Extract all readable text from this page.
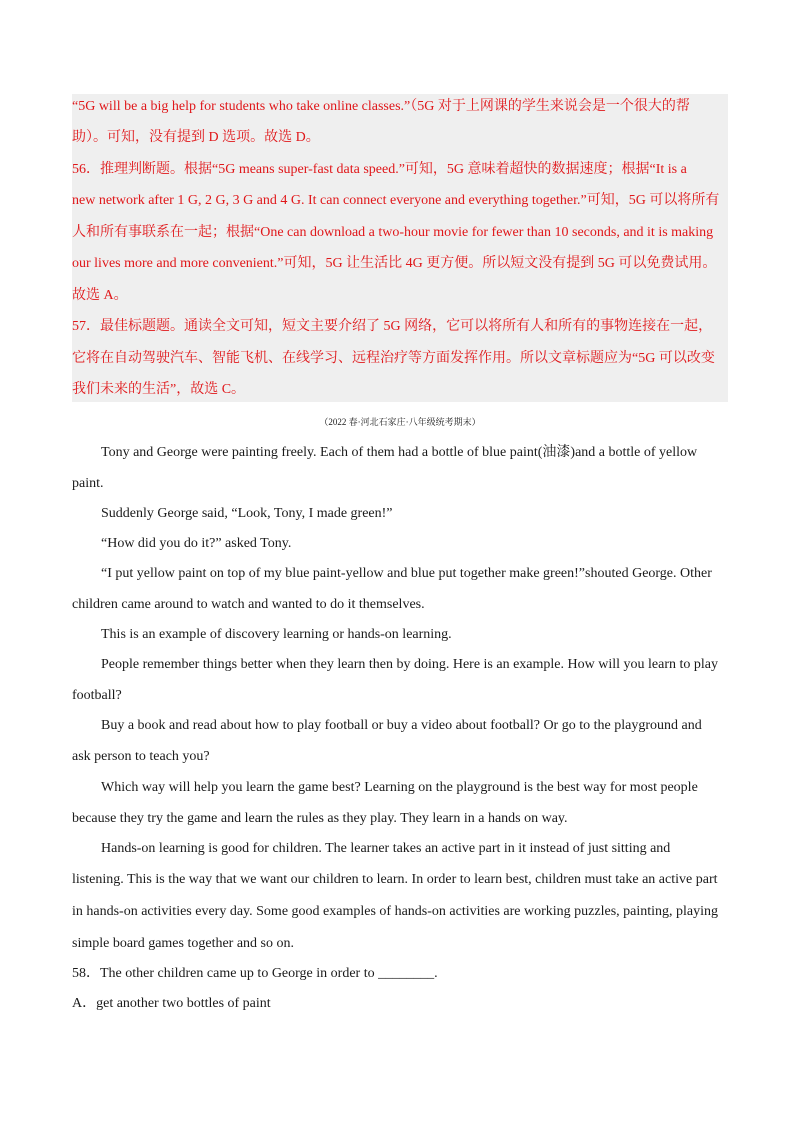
“5G will be a big help for students who take online classes.”（5G 对于上网课的学生来说会是一个很大的帮
助）。可知，没有提到 D 选项。故选 D。
56．推理判断题。根据“5G means super-fast data speed.”可知，5G 意味着超快的数据速度；根据“It is a
new network after 1 G, 2 G, 3 G and 4 G. It can connect everyone and everything together.”可知，5G 可以将所有
人和所有事联系在一起；根据“One can download a two-hour movie for fewer than 10 seconds, and it is making
our lives more and more convenient.”可知，5G 让生活比 4G 更方便。所以短文没有提到 5G 可以免费试用。
故选 A。
57．最佳标题题。通读全文可知，短文主要介绍了 5G 网络，它可以将所有人和所有的事物连接在一起，
它将在自动驾驶汽车、智能飞机、在线学习、远程治疗等方面发挥作用。所以文章标题应为“5G 可以改变
我们未来的生活”，故选 C。
（2022 春·河北石家庄·八年级统考期末）
Tony and George were painting freely. Each of them had a bottle of blue paint(油漆)and a bottle of yellow
paint.
Suddenly George said, “Look, Tony, I made green!”
“How did you do it?” asked Tony.
“I put yellow paint on top of my blue paint-yellow and blue put together make green!”shouted George. Other
children came around to watch and wanted to do it themselves.
This is an example of discovery learning or hands-on learning.
People remember things better when they learn then by doing. Here is an example. How will you learn to play
football?
Buy a book and read about how to play football or buy a video about football? Or go to the playground and
ask person to teach you?
Which way will help you learn the game best? Learning on the playground is the best way for most people
because they try the game and learn the rules as they play. They learn in a hands on way.
Hands-on learning is good for children. The learner takes an active part in it instead of just sitting and
listening. This is the way that we want our children to learn. In order to learn best, children must take an active part
in hands-on activities every day. Some good examples of hands-on activities are working puzzles, painting, playing
simple board games together and so on.
58．The other children came up to George in order to ________.
A．get another two bottles of paint
